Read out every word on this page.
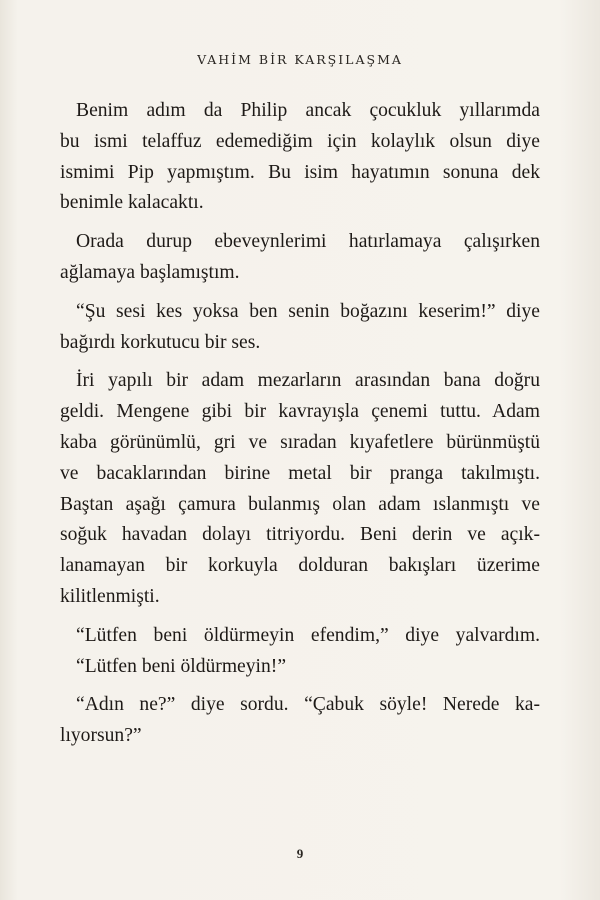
VAHİM BİR KARŞILAŞMA
Benim adım da Philip ancak çocukluk yıllarımda
bu ismi telaffuz edemediğim için kolaylık olsun diye
ismimi Pip yapmıştım. Bu isim hayatımın sonuna dek
benimle kalacaktı.
Orada durup ebeveynlerimi hatırlamaya çalışırken
ağlamaya başlamıştım.
“Şu sesi kes yoksa ben senin boğazını keserim!” diye
bağırdı korkutucu bir ses.
İri yapılı bir adam mezarların arasından bana doğru
geldi. Mengene gibi bir kavrayışla çenemi tuttu. Adam
kaba görünümlü, gri ve sıradan kıyafetlere bürünmüştü
ve bacaklarından birine metal bir pranga takılmıştı.
Baştan aşağı çamura bulanmış olan adam ıslanmıştı ve
soğuk havadan dolayı titriyordu. Beni derin ve açık-
lanamayan bir korkuyla dolduran bakışları üzerime
kilitlenmişti.
“Lütfen beni öldürmeyin efendim,” diye yalvardım.
“Lütfen beni öldürmeyin!”
“Adın ne?” diye sordu. “Çabuk söyle! Nerede ka-
lıyorsun?”
9
